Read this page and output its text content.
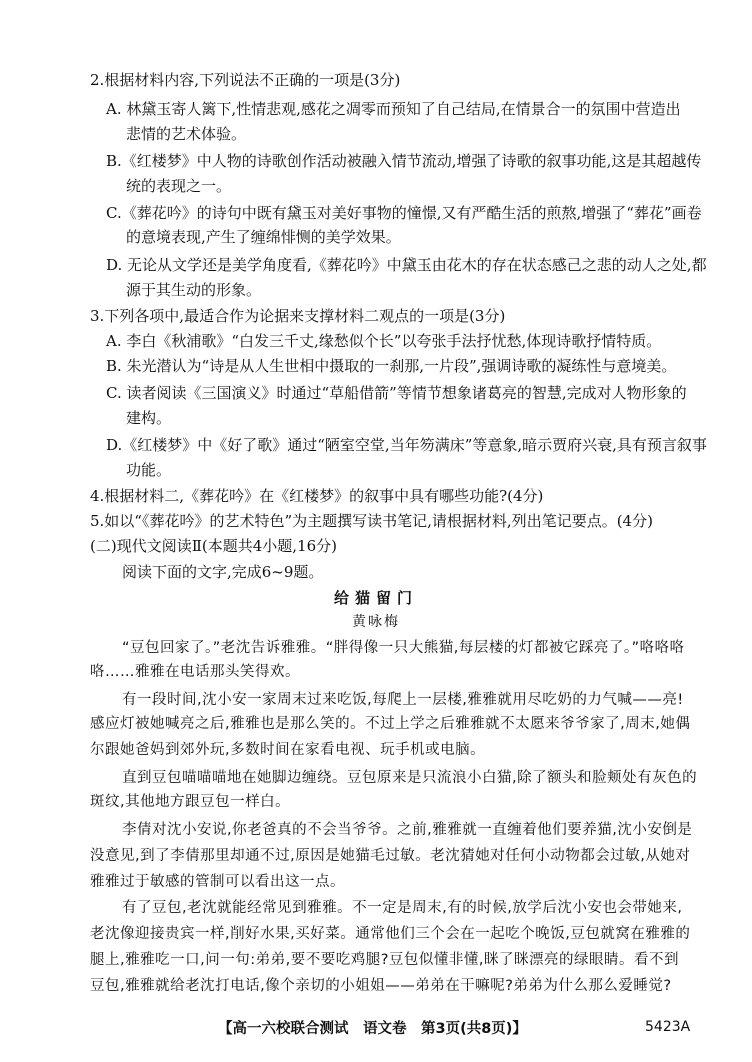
2.根据材料内容,下列说法不正确的一项是(3分)
A. 林黛玉寄人篱下,性情悲观,感花之凋零而预知了自己结局,在情景合一的氛围中营造出
悲情的艺术体验。
B.《红楼梦》中人物的诗歌创作活动被融入情节流动,增强了诗歌的叙事功能,这是其超越传
统的表现之一。
C.《葬花吟》的诗句中既有黛玉对美好事物的憧憬,又有严酷生活的煎熬,增强了“葬花”画卷
的意境表现,产生了缠绵悱恻的美学效果。
D. 无论从文学还是美学角度看,《葬花吟》中黛玉由花木的存在状态感己之悲的动人之处,都
源于其生动的形象。
3.下列各项中,最适合作为论据来支撑材料二观点的一项是(3分)
A. 李白《秋浦歌》“白发三千丈,缘愁似个长”以夸张手法抒忧愁,体现诗歌抒情特质。
B. 朱光潜认为“诗是从人生世相中摄取的一刹那,一片段”,强调诗歌的凝练性与意境美。
C. 读者阅读《三国演义》时通过“草船借箭”等情节想象诸葛亮的智慧,完成对人物形象的
建构。
D.《红楼梦》中《好了歌》通过“陋室空堂,当年笏满床”等意象,暗示贾府兴衰,具有预言叙事
功能。
4.根据材料二,《葬花吟》在《红楼梦》的叙事中具有哪些功能?(4分)
5.如以“《葬花吟》的艺术特色”为主题撰写读书笔记,请根据材料,列出笔记要点。(4分)
(二)现代文阅读Ⅱ(本题共4小题,16分)
阅读下面的文字,完成6~9题。
给猫留门
黄咏梅
“豆包回家了。”老沈告诉雅雅。“胖得像一只大熊猫,每层楼的灯都被它踩亮了。”咯咯咯
咯……雅雅在电话那头笑得欢。
有一段时间,沈小安一家周末过来吃饭,每爬上一层楼,雅雅就用尽吃奶的力气喊——亮!
感应灯被她喊亮之后,雅雅也是那么笑的。不过上学之后雅雅就不太愿来爷爷家了,周末,她偶
尔跟她爸妈到郊外玩,多数时间在家看电视、玩手机或电脑。
直到豆包喵喵喵地在她脚边缠绕。豆包原来是只流浪小白猫,除了额头和脸颊处有灰色的
斑纹,其他地方跟豆包一样白。
李倩对沈小安说,你老爸真的不会当爷爷。之前,雅雅就一直缠着他们要养猫,沈小安倒是
没意见,到了李倩那里却通不过,原因是她猫毛过敏。老沈猜她对任何小动物都会过敏,从她对
雅雅过于敏感的管制可以看出这一点。
有了豆包,老沈就能经常见到雅雅。不一定是周末,有的时候,放学后沈小安也会带她来,
老沈像迎接贵宾一样,削好水果,买好菜。通常他们三个会在一起吃个晚饭,豆包就窝在雅雅的
腿上,雅雅吃一口,问一句:弟弟,要不要吃鸡腿?豆包似懂非懂,眯了眯漂亮的绿眼睛。看不到
豆包,雅雅就给老沈打电话,像个亲切的小姐姐——弟弟在干嘛呢?弟弟为什么那么爱睡觉?
【高一六校联合测试　语文卷　第3页(共8页)】	5423A
